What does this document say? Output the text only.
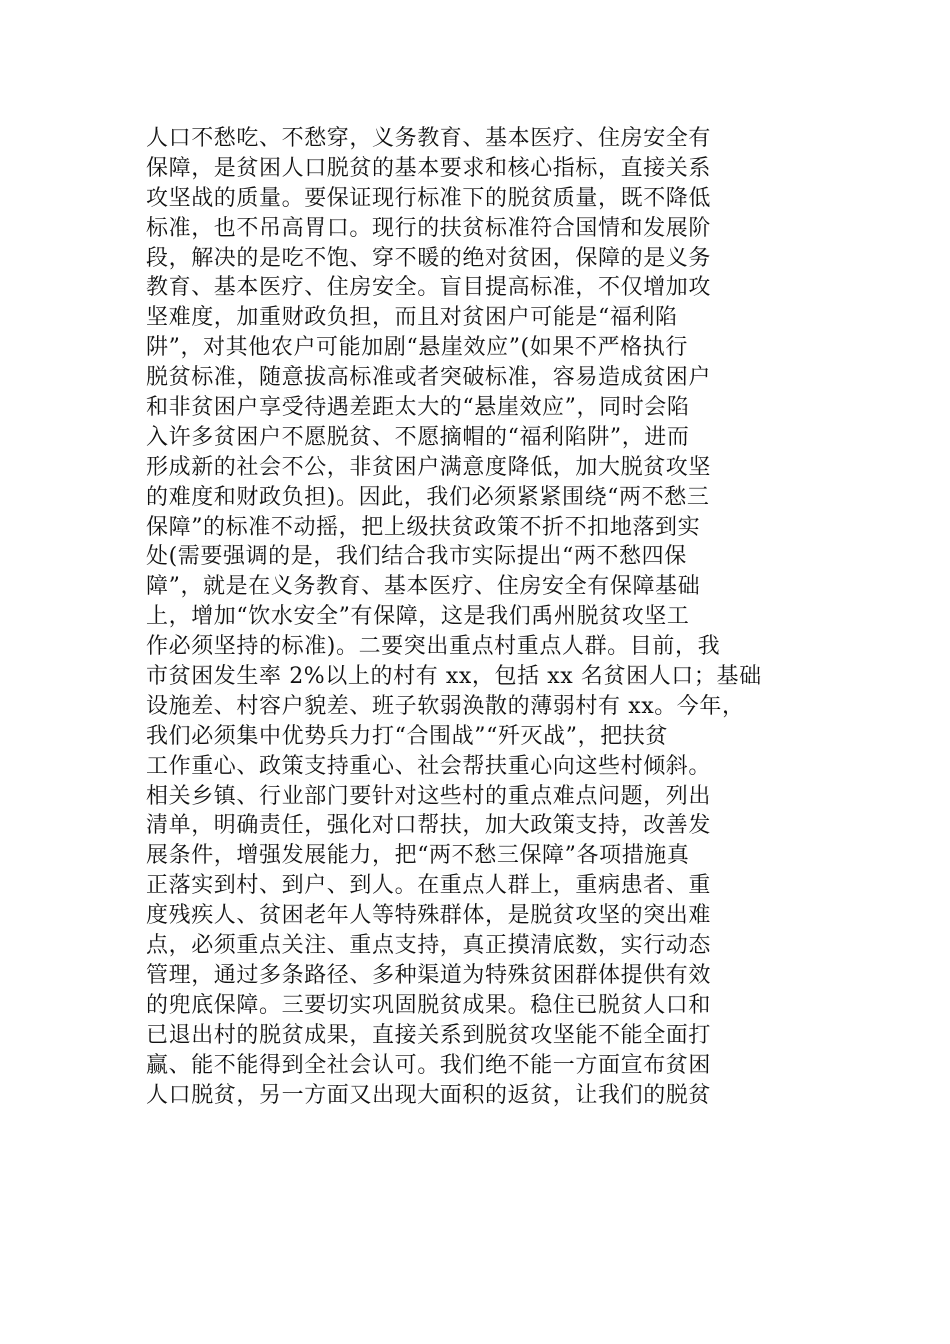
人口不愁吃、不愁穿，义务教育、基本医疗、住房安全有
保障，是贫困人口脱贫的基本要求和核心指标，直接关系
攻坚战的质量。要保证现行标准下的脱贫质量，既不降低
标准，也不吊高胃口。现行的扶贫标准符合国情和发展阶
段，解决的是吃不饱、穿不暖的绝对贫困，保障的是义务
教育、基本医疗、住房安全。盲目提高标准，不仅增加攻
坚难度，加重财政负担，而且对贫困户可能是“福利陷
阱”，对其他农户可能加剧“悬崖效应”(如果不严格执行
脱贫标准，随意拔高标准或者突破标准，容易造成贫困户
和非贫困户享受待遇差距太大的“悬崖效应”，同时会陷
入许多贫困户不愿脱贫、不愿摘帽的“福利陷阱”，进而
形成新的社会不公，非贫困户满意度降低，加大脱贫攻坚
的难度和财政负担)。因此，我们必须紧紧围绕“两不愁三
保障”的标准不动摇，把上级扶贫政策不折不扣地落到实
处(需要强调的是，我们结合我市实际提出“两不愁四保
障”，就是在义务教育、基本医疗、住房安全有保障基础
上，增加“饮水安全”有保障，这是我们禹州脱贫攻坚工
作必须坚持的标准)。二要突出重点村重点人群。目前，我
市贫困发生率 2%以上的村有 xx，包括 xx 名贫困人口；基础
设施差、村容户貌差、班子软弱涣散的薄弱村有 xx。今年，
我们必须集中优势兵力打“合围战”“歼灭战”，把扶贫
工作重心、政策支持重心、社会帮扶重心向这些村倾斜。
相关乡镇、行业部门要针对这些村的重点难点问题，列出
清单，明确责任，强化对口帮扶，加大政策支持，改善发
展条件，增强发展能力，把“两不愁三保障”各项措施真
正落实到村、到户、到人。在重点人群上，重病患者、重
度残疾人、贫困老年人等特殊群体，是脱贫攻坚的突出难
点，必须重点关注、重点支持，真正摸清底数，实行动态
管理，通过多条路径、多种渠道为特殊贫困群体提供有效
的兜底保障。三要切实巩固脱贫成果。稳住已脱贫人口和
已退出村的脱贫成果，直接关系到脱贫攻坚能不能全面打
赢、能不能得到全社会认可。我们绝不能一方面宣布贫困
人口脱贫，另一方面又出现大面积的返贫，让我们的脱贫
